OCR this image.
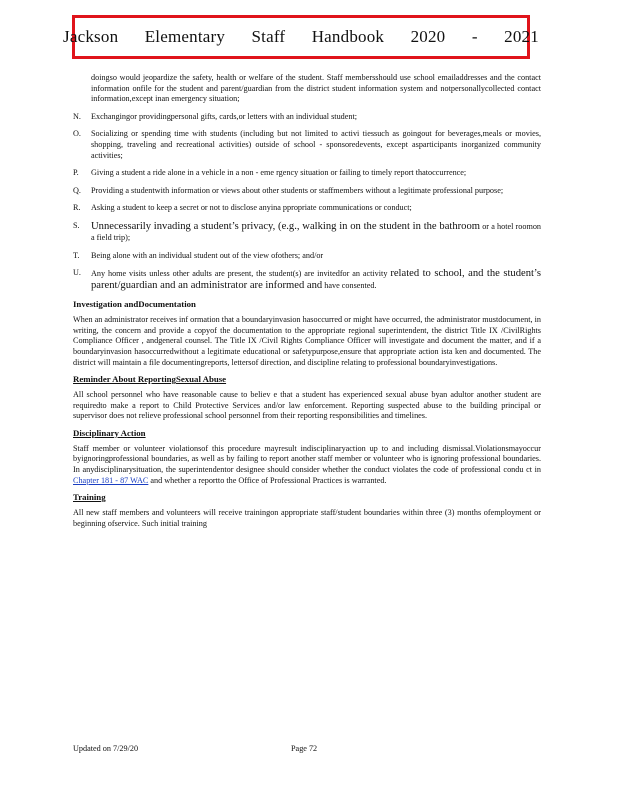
Jackson Elementary Staff Handbook 2020 - 2021
doingso would jeopardize the safety, health or welfare of the student. Staff membersshould use school emailaddresses and the contact information onfile for the student and parent/guardian from the district student information system and notpersonallycollected contact information,except inan emergency situation;
N.	Exchangingor providingpersonal gifts, cards,or letters with an individual student;
O.	Socializing or spending time with students (including but not limited to activi tiessuch as goingout for beverages,meals or movies, shopping, traveling and recreational activities) outside of school - sponsoredevents, except asparticipants inorganized community activities;
P.	Giving a student a ride alone in a vehicle in a non - eme rgency situation or failing to timely report thatoccurrence;
Q.	Providing a studentwith information or views about other students or staffmembers without a legitimate professional purpose;
R.	Asking a student to keep a secret or not to disclose anyina ppropriate communications or conduct;
S.	Unnecessarily invading a student’s privacy, (e.g., walking in on the student in the bathroom or a hotel roomon a field trip);
T.	Being alone with an individual student out of the view ofothers; and/or
U.	Any home visits unless other adults are present, the student(s) are invitedfor an activity related to school, and the student’s parent/guardian and an administrator are informed and have consented.
Investigation andDocumentation
When an administrator receives inf ormation that a boundaryinvasion hasoccurred or might have occurred, the administrator mustdocument, in writing, the concern and provide a copyof the documentation to the appropriate regional superintendent, the district Title IX /CivilRights Compliance Officer , andgeneral counsel. The Title IX /Civil Rights Compliance Officer will investigate and document the matter, and if a boundaryinvasion hasoccurredwithout a legitimate educational or safetypurpose,ensure that appropriate action ista ken and documented. The district will maintain a file documentingreports, lettersof direction, and discipline relating to professional boundaryinvestigations.
Reminder About ReportingSexual Abuse
All school personnel who have reasonable cause to believ e that a student has experienced sexual abuse byan adultor another student are requiredto make a report to Child Protective Services and/or law enforcement. Reporting suspected abuse to the building principal or supervisor does not relieve professional school personnel from their reporting responsibilities and timelines.
Disciplinary Action
Staff member or volunteer violationsof this procedure mayresult indisciplinaryaction up to and including dismissal.Violationsmayoccur byignoringprofessional boundaries, as well as by failing to report another staff member or volunteer who is ignoring professional boundaries. In anydisciplinarysituation, the superintendentor designee should consider whether the conduct violates the code of professional condu ct in Chapter 181 - 87 WAC and whether a reportto the Office of Professional Practices is warranted.
Training
All new staff members and volunteers will receive trainingon appropriate staff/student boundaries within three (3) months ofemployment or beginning ofservice. Such initial training
Updated on 7/29/20	Page 72
